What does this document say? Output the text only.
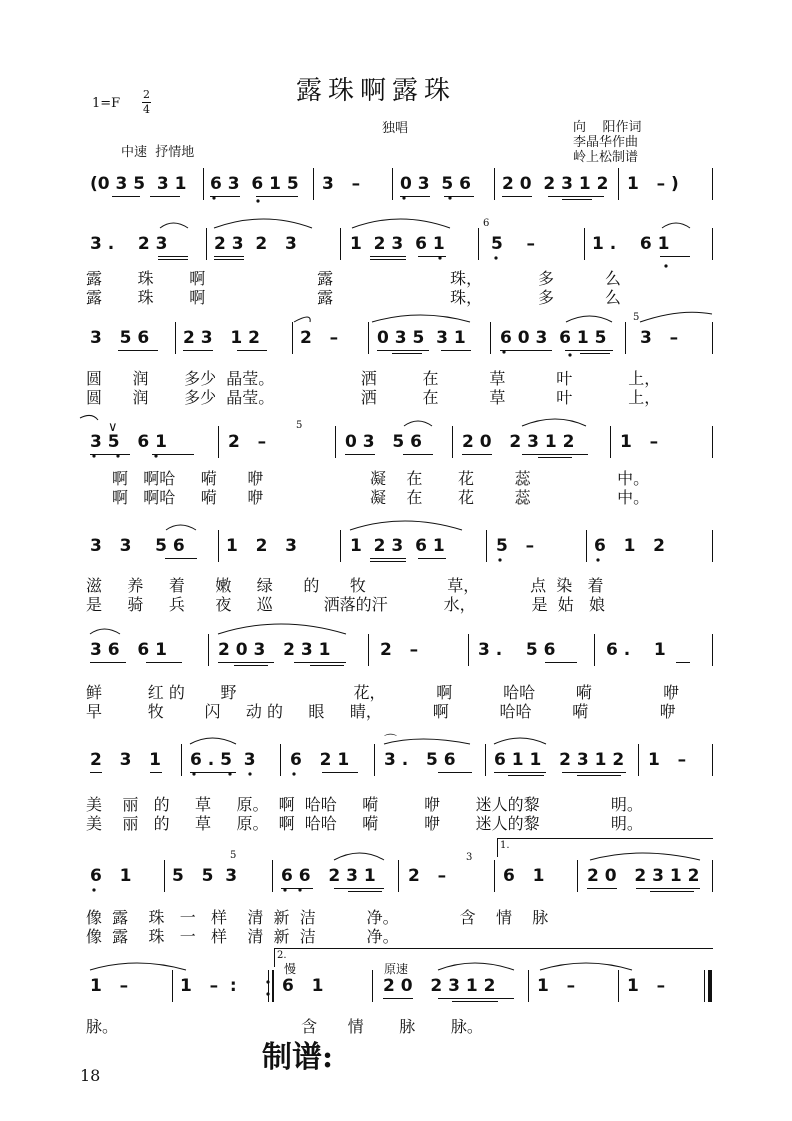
露珠啊露珠
1=F
2
4
独唱
中速  抒情地
向    阳作词
李晶华作曲
岭上松制谱
(0 3 5  3 1 6 3  6 1 5 3   – 0 3  5 6 2 0  2 3 1 2 1   – )
3 .    2 3	2 3  2   3	1  2 3  6 1	5    –	1 .    6 1
6
露       珠       啊                      露                       珠，           多          么
露       珠       啊                      露                       珠，           多          么
3   5 6 2 3   1 2 2   – 0 3 5  3 1 6 0 3  6 1 5 3   –
5
圆      润       多少  晶莹。                 洒         在          草          叶           上，
圆      润       多少  晶莹。                 洒         在          草          叶           上，
3 5   6 1	2   –	0 3   5 6 2 0   2 3 1 2	1   –
∨	5
啊   啊哈     嗬      咿                     凝    在       花        蕊                 中。
啊   啊哈     嗬      咿                     凝    在       花        蕊                 中。
3   3    5 6 1   2   3	1  2 3  6 1	5   –	6   1   2
滋     养     着      嫩     绿      的      牧                草，          点  染   着
是     骑     兵      夜     巡          洒落的汗           水，           是  姑   娘
3 6   6 1	2 0 3   2 3 1	2   –	3 .    5 6	6 .    1
鲜         红 的       野                       花，          啊          哈哈        嗬              咿
早         牧        闪     动 的     眼     睛，          啊          哈哈        嗬              咿
2   3   1 6 . 5  3 6   2 1 3 .   5 6 6 1 1   2 3 1 2 1   –
⌒
美    丽   的     草     原。  啊  哈哈     嗬         咿       迷人的黎              明。
美    丽   的     草     原。  啊  哈哈     嗬         咿       迷人的黎              明。
1.
6   1 5   5  3	6 6   2 3 1 2   –	6   1	2 0   2 3 1 2
5	3
像  露    珠   一   样    清  新  洁          净。            含    情    脉
像  露    珠   一   样    清  新  洁          净。
2.
慢	原速
1   –	1   –  :	6   1	2 0   2 3 1 2 1   –	1   –
脉。                                    含      情       脉       脉。
制谱:
18
